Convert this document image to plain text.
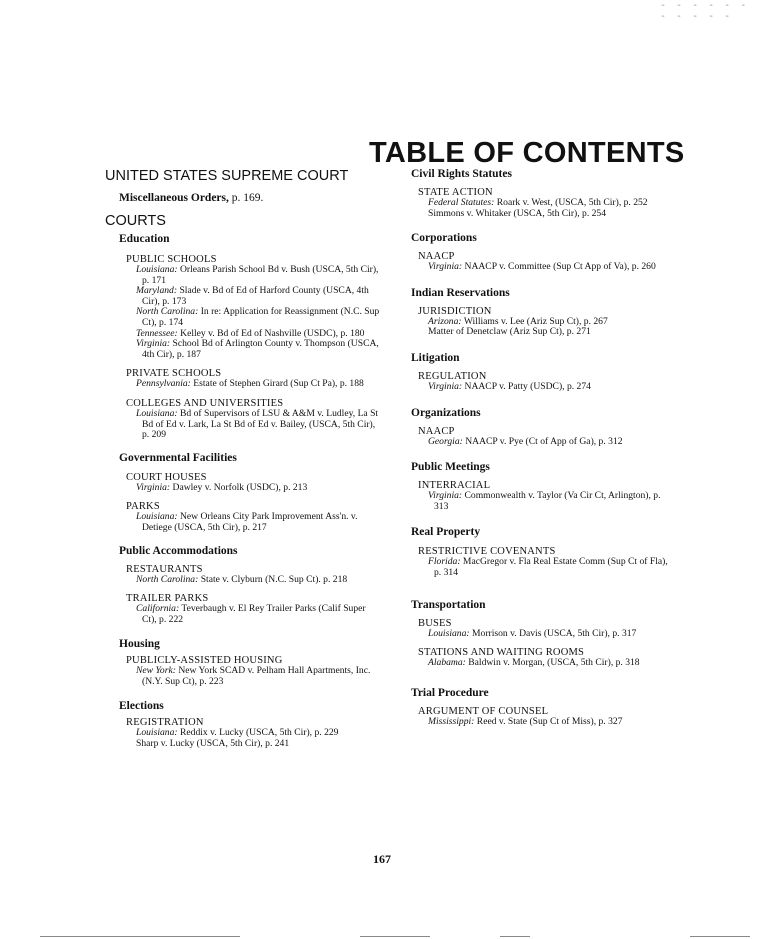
- - - - - - - - - - -
TABLE OF CONTENTS
UNITED STATES SUPREME COURT
Miscellaneous Orders, p. 169.
COURTS
Education
PUBLIC SCHOOLS

Louisiana: Orleans Parish School Bd v. Bush (USCA, 5th Cir), p. 171

Maryland: Slade v. Bd of Ed of Harford County (USCA, 4th Cir), p. 173

North Carolina: In re: Application for Reassignment (N.C. Sup Ct), p. 174

Tennessee: Kelley v. Bd of Ed of Nashville (USDC), p. 180

Virginia: School Bd of Arlington County v. Thompson (USCA, 4th Cir), p. 187

PRIVATE SCHOOLS

Pennsylvania: Estate of Stephen Girard (Sup Ct Pa), p. 188

COLLEGES AND UNIVERSITIES

Louisiana: Bd of Supervisors of LSU & A&M v. Ludley, La St Bd of Ed v. Lark, La St Bd of Ed v. Bailey, (USCA, 5th Cir), p. 209

Governmental Facilities
COURT HOUSES

Virginia: Dawley v. Norfolk (USDC), p. 213

PARKS

Louisiana: New Orleans City Park Improvement Ass'n. v. Detiege (USCA, 5th Cir), p. 217

Public Accommodations
RESTAURANTS

North Carolina: State v. Clyburn (N.C. Sup Ct). p. 218

TRAILER PARKS

California: Teverbaugh v. El Rey Trailer Parks (Calif Super Ct), p. 222

Housing
PUBLICLY-ASSISTED HOUSING

New York: New York SCAD v. Pelham Hall Apartments, Inc. (N.Y. Sup Ct), p. 223

Elections
REGISTRATION

Louisiana: Reddix v. Lucky (USCA, 5th Cir), p. 229

Sharp v. Lucky (USCA, 5th Cir), p. 241

Civil Rights Statutes
STATE ACTION

Federal Statutes: Roark v. West, (USCA, 5th Cir), p. 252

Simmons v. Whitaker (USCA, 5th Cir), p. 254

Corporations
NAACP

Virginia: NAACP v. Committee (Sup Ct App of Va), p. 260

Indian Reservations
JURISDICTION

Arizona: Williams v. Lee (Ariz Sup Ct), p. 267

Matter of Denetclaw (Ariz Sup Ct), p. 271

Litigation
REGULATION

Virginia: NAACP v. Patty (USDC), p. 274

Organizations
NAACP

Georgia: NAACP v. Pye (Ct of App of Ga), p. 312

Public Meetings
INTERRACIAL

Virginia: Commonwealth v. Taylor (Va Cir Ct, Arlington), p. 313

Real Property
RESTRICTIVE COVENANTS

Florida: MacGregor v. Fla Real Estate Comm (Sup Ct of Fla), p. 314

Transportation
BUSES

Louisiana: Morrison v. Davis (USCA, 5th Cir), p. 317

STATIONS AND WAITING ROOMS

Alabama: Baldwin v. Morgan, (USCA, 5th Cir), p. 318

Trial Procedure
ARGUMENT OF COUNSEL

Mississippi: Reed v. State (Sup Ct of Miss), p. 327

167
